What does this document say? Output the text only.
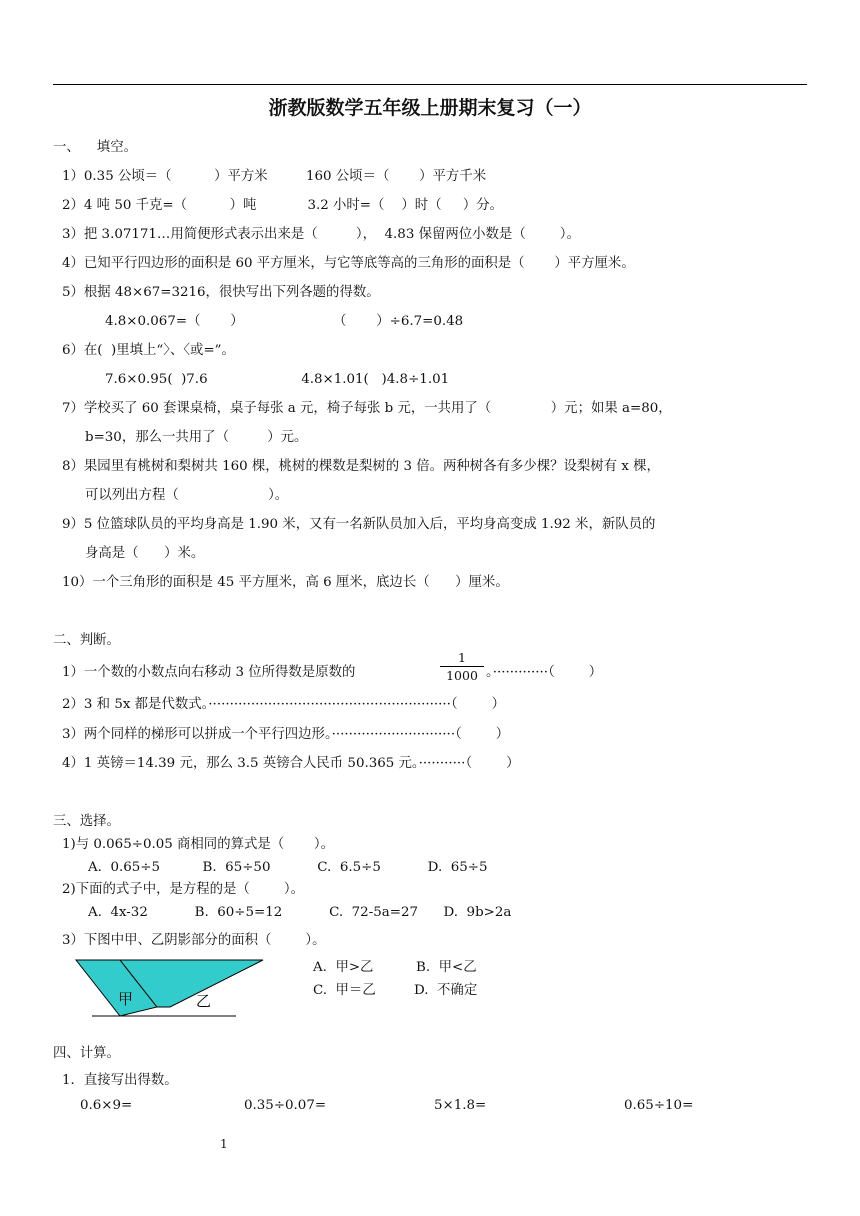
浙教版数学五年级上册期末复习（一）
一、    填空。
1）0.35 公顷＝（          ）平方米         160 公顷＝（       ）平方千米
2）4 吨 50 千克=（          ）吨            3.2 小时=（    ）时（     ）分。
3）把 3.07171…用简便形式表示出来是（         ），  4.83 保留两位小数是（        ）。
4）已知平行四边形的面积是 60 平方厘米，与它等底等高的三角形的面积是（       ）平方厘米。
5）根据 48×67=3216，很快写出下列各题的得数。
4.8×0.067=（       ）                     （       ）÷6.7=0.48
6）在(  )里填上“〉、〈或=”。
7.6×0.95(  )7.6                      4.8×1.01(   )4.8÷1.01
7）学校买了 60 套课桌椅，桌子每张 a 元，椅子每张 b 元，一共用了（              ）元；如果 a=80，
b=30，那么一共用了（         ）元。
8）果园里有桃树和梨树共 160 棵，桃树的棵数是梨树的 3 倍。两种树各有多少棵？设梨树有 x 棵，
可以列出方程（                     ）。
9）5 位篮球队员的平均身高是 1.90 米，又有一名新队员加入后，平均身高变成 1.92 米，新队员的
身高是（      ）米。
10）一个三角形的面积是 45 平方厘米，高 6 厘米，底边长（      ）厘米。
二、判断。
1）一个数的小数点向右移动 3 位所得数是原数的	$\frac{1}{1000}$ 。·············（        ）
2）3 和 5x 都是代数式。·························································（        ）
3）两个同样的梯形可以拼成一个平行四边形。·····························（        ）
4）1 英镑＝14.39 元，那么 3.5 英镑合人民币 50.365 元。···········（        ）
三、选择。
1)与 0.065÷0.05 商相同的算式是（       ）。
A.  0.65÷5          B.  65÷50           C.  6.5÷5           D.  65÷5
2)下面的式子中，是方程的是（        ）。
A.  4x-32           B.  60÷5=12           C.  72-5a=27      D.  9b>2a
3）下图中甲、乙阴影部分的面积（        ）。
甲	乙
A.  甲>乙          B.  甲<乙
C.  甲＝乙         D.  不确定
四、计算。
1．直接写出得数。
0.6×9=	0.35÷0.07=	5×1.8=	0.65÷10=
1
